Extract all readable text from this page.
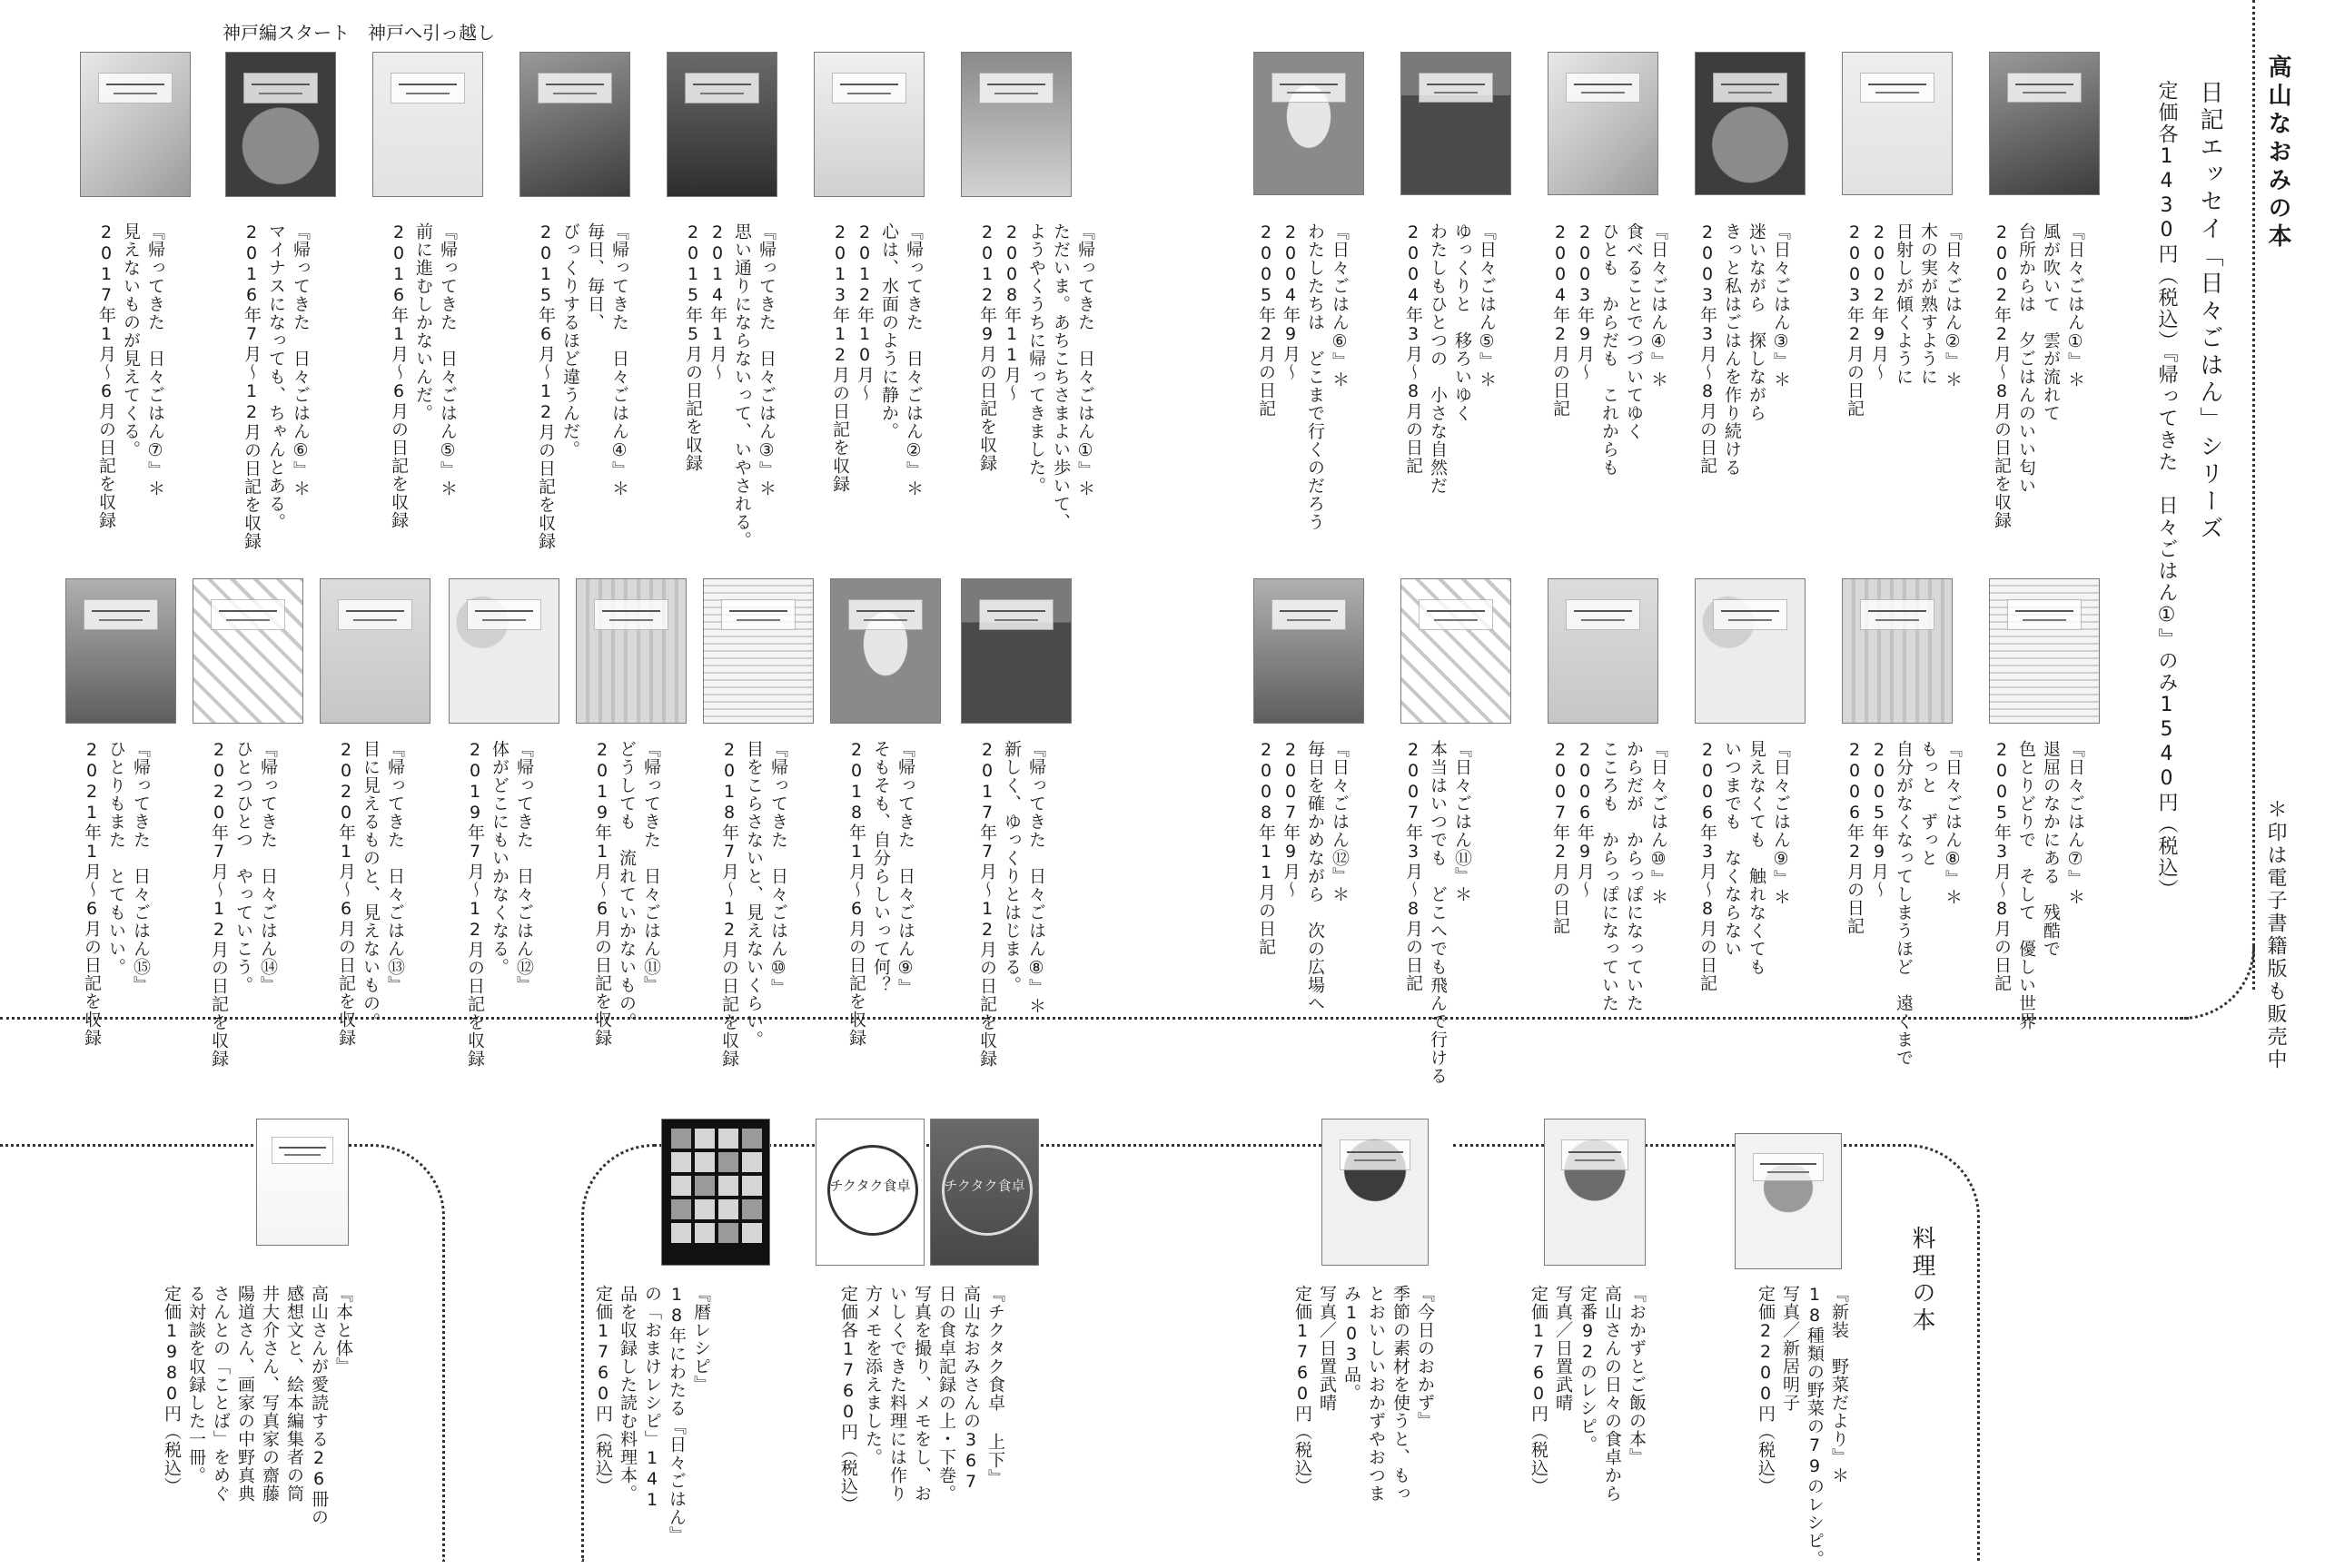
高山なおみの本
＊印は電子書籍版も販売中
日記エッセイ「日々ごはん」シリーズ
定価各1430円（税込）『帰ってきた　日々ごはん①』のみ1540円（税込）
神戸編スタート 神戸へ引っ越し
料理の本
チクタク食卓	チクタク食卓
『日々ごはん①』＊
風が吹いて　雲が流れて
台所からは　夕ごはんのいい匂い
2002年2月〜8月の日記を収録
『日々ごはん②』＊
木の実が熟すように
日射しが傾くように
2002年9月〜
2003年2月の日記
『日々ごはん③』＊
迷いながら　探しながら
きっと私はごはんを作り続ける
2003年3月〜8月の日記
『日々ごはん④』＊
食べることでつづいてゆく
ひとも　からだも　これからも
2003年9月〜
2004年2月の日記
『日々ごはん⑤』＊
ゆっくりと　移ろいゆく
わたしもひとつの　小さな自然だ
2004年3月〜8月の日記
『日々ごはん⑥』＊
わたしたちは　どこまで行くのだろう
2004年9月〜
2005年2月の日記
『日々ごはん⑦』＊
退屈のなかにある　残酷で
色とりどりで　そして　優しい世界
2005年3月〜8月の日記
『日々ごはん⑧』＊
もっと　ずっと
自分がなくなってしまうほど　遠くまで
2005年9月〜
2006年2月の日記
『日々ごはん⑨』＊
見えなくても　触れなくても
いつまでも　なくならない
2006年3月〜8月の日記
『日々ごはん⑩』＊
からだが　からっぽになっていた
こころも　からっぽになっていた
2006年9月〜
2007年2月の日記
『日々ごはん⑪』＊
本当はいつでも　どこへでも飛んで行ける
2007年3月〜8月の日記
『日々ごはん⑫』＊
毎日を確かめながら　次の広場へ
2007年9月〜
2008年11月の日記
『帰ってきた　日々ごはん①』＊
ただいま。あちこちさまよい歩いて、
ようやくうちに帰ってきました。
2008年11月〜
2012年9月の日記を収録
『帰ってきた　日々ごはん②』＊
心は、水面のように静か。
2012年10月〜
2013年12月の日記を収録
『帰ってきた　日々ごはん③』＊
思い通りにならないって、いやされる。
2014年1月〜
2015年5月の日記を収録
『帰ってきた　日々ごはん④』＊
毎日、毎日、
びっくりするほど違うんだ。
2015年6月〜12月の日記を収録
『帰ってきた　日々ごはん⑤』＊
前に進むしかないんだ。
2016年1月〜6月の日記を収録
『帰ってきた　日々ごはん⑥』＊
マイナスになっても、ちゃんとある。
2016年7月〜12月の日記を収録
『帰ってきた　日々ごはん⑦』＊
見えないものが見えてくる。
2017年1月〜6月の日記を収録
『帰ってきた　日々ごはん⑧』＊
新しく、ゆっくりとはじまる。
2017年7月〜12月の日記を収録
『帰ってきた　日々ごはん⑨』
そもそも、自分らしいって何？
2018年1月〜6月の日記を収録
『帰ってきた　日々ごはん⑩』
目をこらさないと、見えないくらい。
2018年7月〜12月の日記を収録
『帰ってきた　日々ごはん⑪』
どうしても　流れていかないもの。
2019年1月〜6月の日記を収録
『帰ってきた　日々ごはん⑫』
体がどこにもいかなくなる。
2019年7月〜12月の日記を収録
『帰ってきた　日々ごはん⑬』
目に見えるものと、見えないもの。
2020年1月〜6月の日記を収録
『帰ってきた　日々ごはん⑭』
ひとつひとつ　やっていこう。
2020年7月〜12月の日記を収録
『帰ってきた　日々ごはん⑮』
ひとりもまた　とてもいい。
2021年1月〜6月の日記を収録
『新装　野菜だより』＊
18種類の野菜の79のレシピ。
写真／新居明子
定価2200円（税込）
『おかずとご飯の本』
高山さんの日々の食卓から
定番92のレシピ。
写真／日置武晴
定価1760円（税込）
『今日のおかず』
季節の素材を使うと、もっ
とおいしいおかずやおつま
み103品。
写真／日置武晴
定価1760円（税込）
『チクタク食卓 上下』
高山なおみさんの367
日の食卓記録の上・下巻。
写真を撮り、メモをし、お
いしくできた料理には作り
方メモを添えました。
定価各1760円（税込）
『暦レシピ』
18年にわたる『日々ごはん』
の「おまけレシピ」141
品を収録した読む料理本。
定価1760円（税込）
『本と体』
高山さんが愛読する26冊の
感想文と、絵本編集者の筒
井大介さん、写真家の齋藤
陽道さん、画家の中野真典
さんとの「ことば」をめぐ
る対談を収録した一冊。
定価1980円（税込）
